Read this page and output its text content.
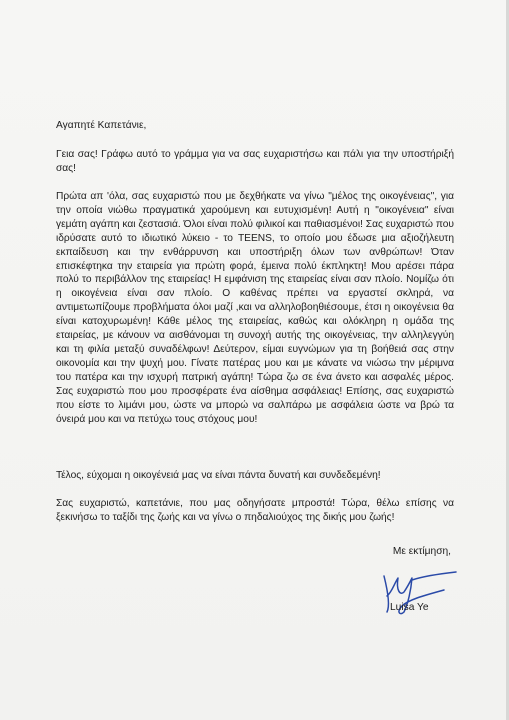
Αγαπητέ Καπετάνιε,

Γεια σας! Γράφω αυτό το γράμμα για να σας ευχαριστήσω και πάλι για την υποστήριξή σας!

Πρώτα απ 'όλα, σας ευχαριστώ που με δεχθήκατε να γίνω "μέλος της οικογένειας", για την οποία νιώθω πραγματικά χαρούμενη και ευτυχισμένη! Αυτή η "οικογένεια" είναι γεμάτη αγάπη και ζεστασιά. Όλοι είναι πολύ φιλικοί και παθιασμένοι! Σας ευχαριστώ που ιδρύσατε αυτό το ιδιωτικό λύκειο - το TEENS, το οποίο μου έδωσε μια αξιοζήλευτη εκπαίδευση και την ενθάρρυνση και υποστήριξη όλων των ανθρώπων! Όταν επισκέφτηκα την εταιρεία για πρώτη φορά, έμεινα πολύ έκπληκτη! Μου αρέσει πάρα πολύ το περιβάλλον της εταιρείας! Η εμφάνιση της εταιρείας είναι σαν πλοίο. Νομίζω ότι η οικογένεια είναι σαν πλοίο. Ο καθένας πρέπει να εργαστεί σκληρά, να αντιμετωπίζουμε προβλήματα όλοι μαζί ,και να αλληλοβοηθιέσουμε, έτσι η οικογένεια θα είναι κατοχυρωμένη! Κάθε μέλος της εταιρείας, καθώς και ολόκληρη η ομάδα της εταιρείας, με κάνουν να αισθάνομαι τη συνοχή αυτής της οικογένειας, την αλληλεγγύη και τη φιλία μεταξύ συναδέλφων! Δεύτερον, είμαι ευγνώμων για τη βοήθειά σας στην οικονομία και την ψυχή μου. Γίνατε πατέρας μου και με κάνατε να νιώσω την μέριμνα του πατέρα και την ισχυρή πατρική αγάπη! Τώρα ζω σε ένα άνετο και ασφαλές μέρος. Σας ευχαριστώ που μου προσφέρατε ένα αίσθημα ασφάλειας! Επίσης, σας ευχαριστώ που είστε το λιμάνι μου, ώστε να μπορώ να σαλπάρω με ασφάλεια ώστε να βρώ τα όνειρά μου και να πετύχω τους στόχους μου!

Τέλος, εύχομαι η οικογένειά μας να είναι πάντα δυνατή και συνδεδεμένη!

Σας ευχαριστώ, καπετάνιε, που μας οδηγήσατε μπροστά! Τώρα, θέλω επίσης να ξεκινήσω το ταξίδι της ζωής και να γίνω ο πηδαλιούχος της δικής μου ζωής!

Με εκτίμηση,

Luisa Ye
